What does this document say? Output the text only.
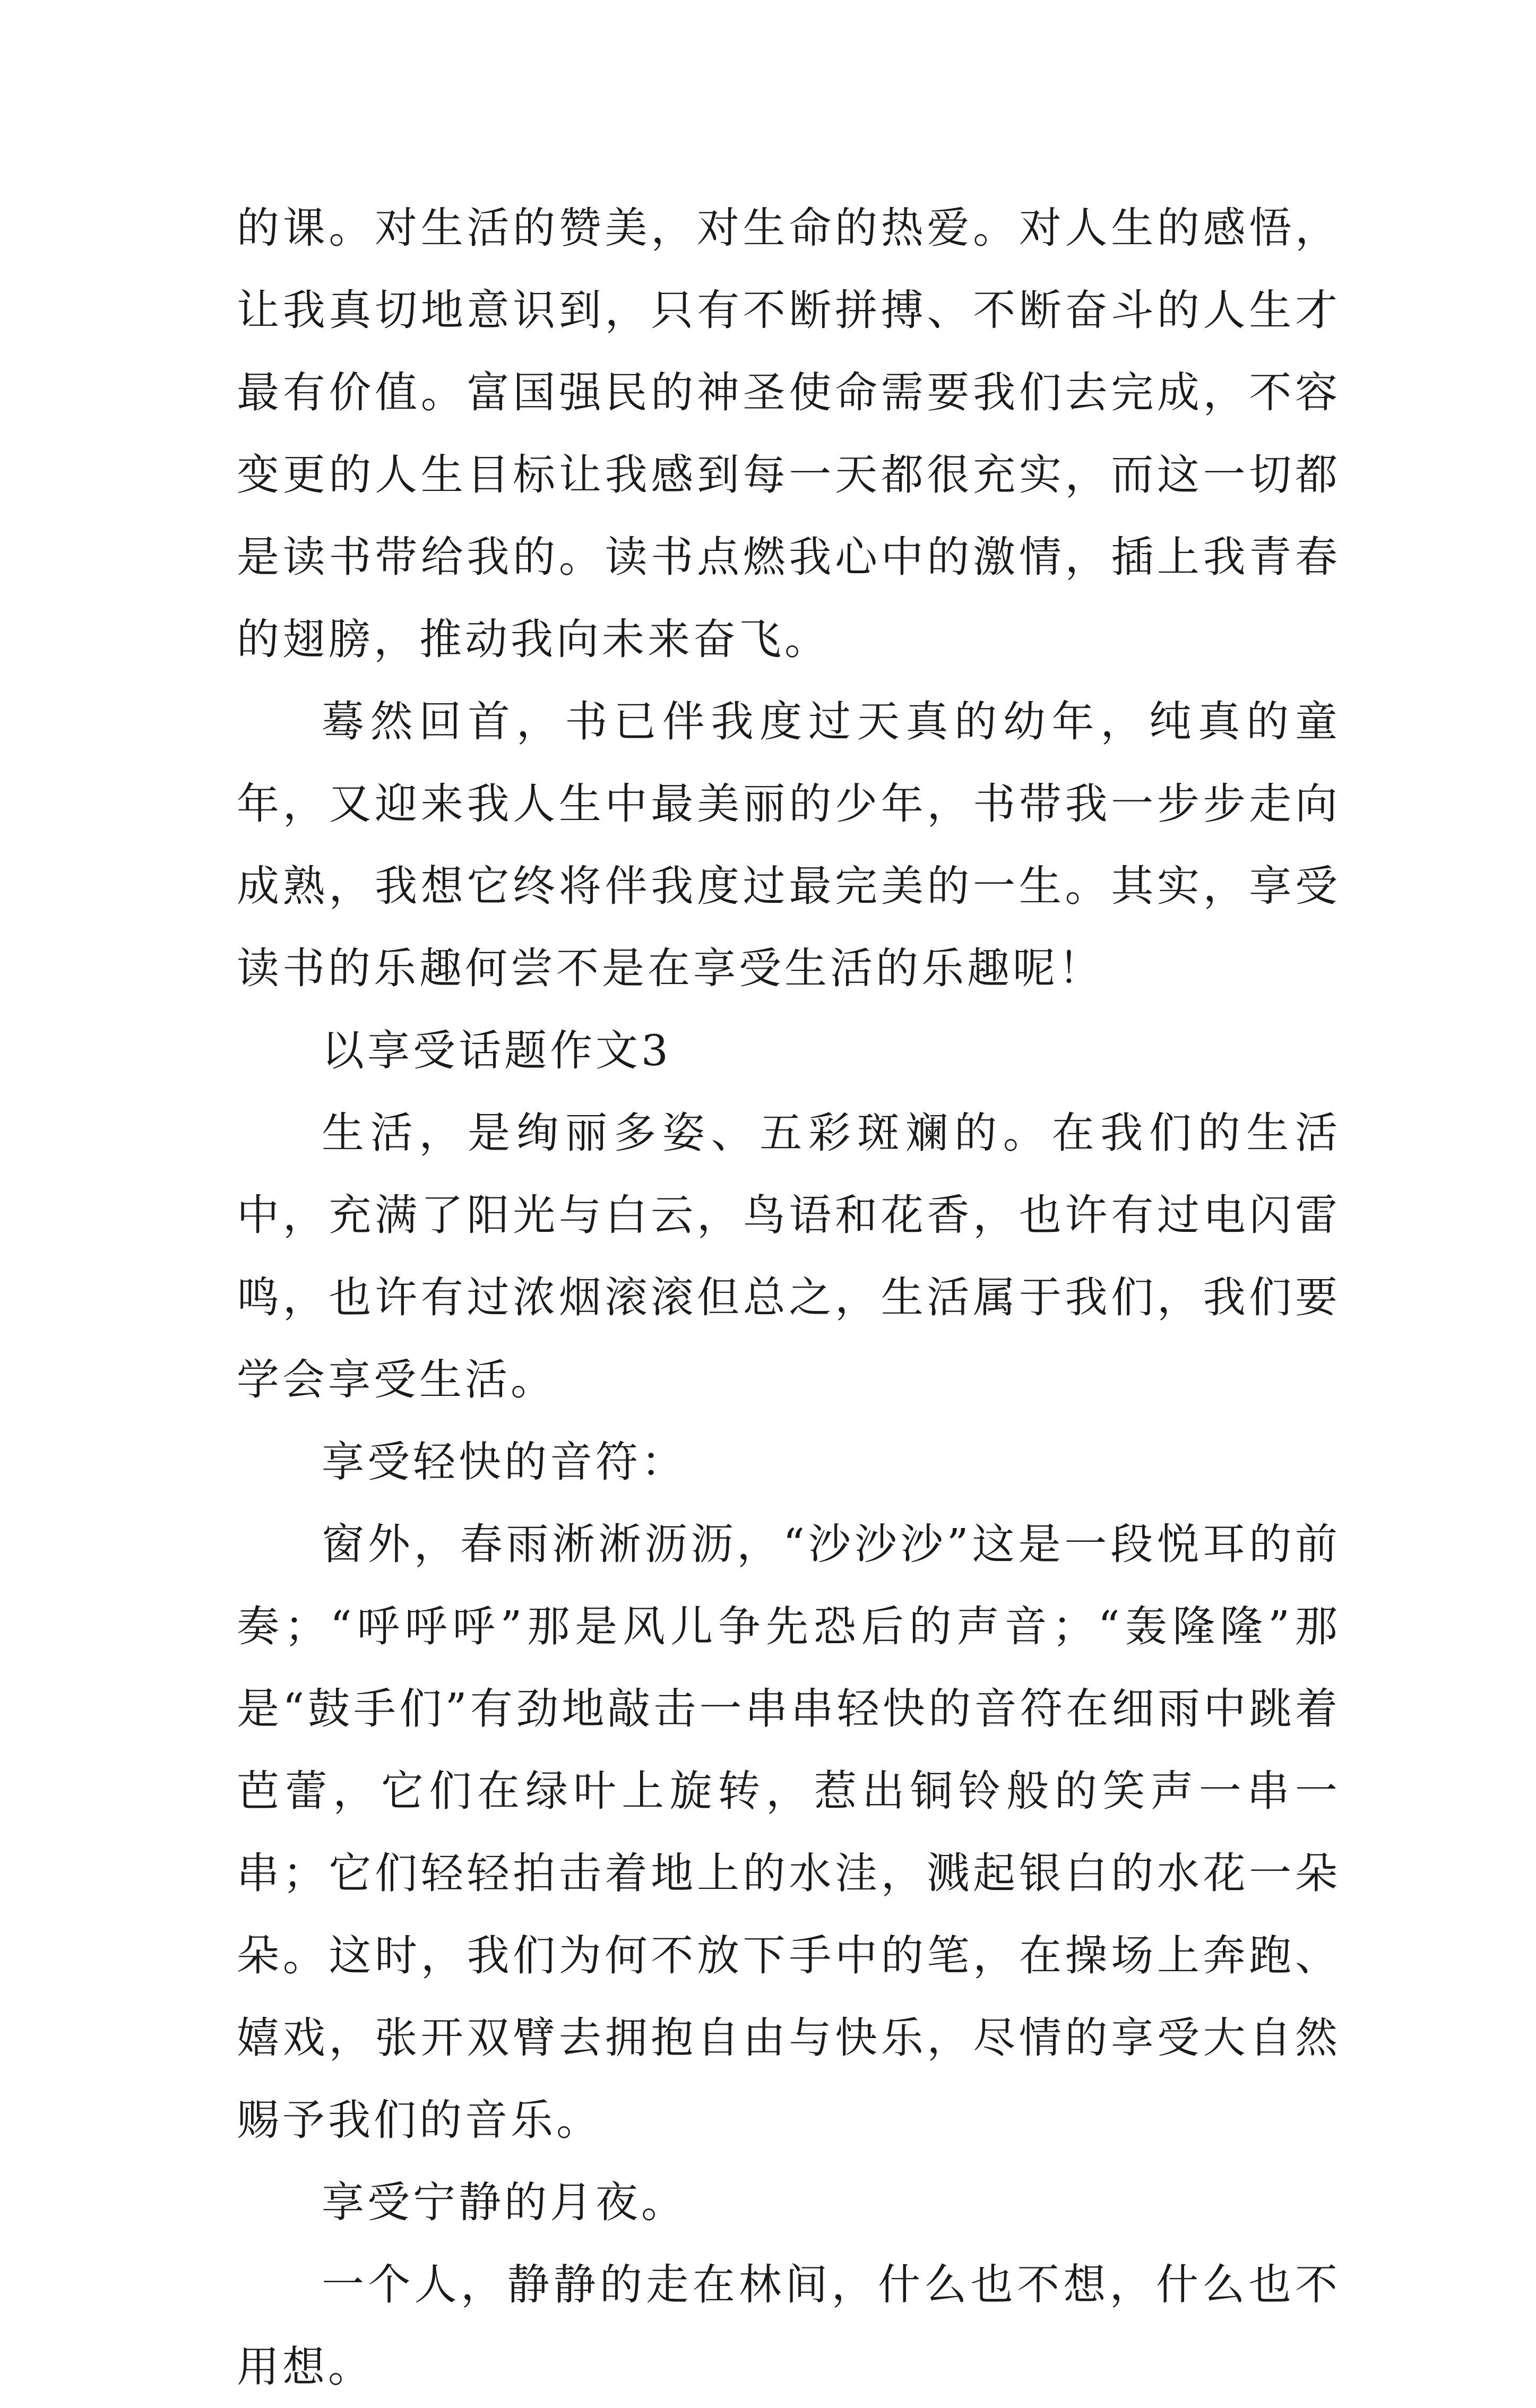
的课。对生活的赞美，对生命的热爱。对人生的感悟，让我真切地意识到，只有不断拼搏、不断奋斗的人生才最有价值。富国强民的神圣使命需要我们去完成，不容变更的人生目标让我感到每一天都很充实，而这一切都是读书带给我的。读书点燃我心中的激情，插上我青春的翅膀，推动我向未来奋飞。

蓦然回首，书已伴我度过天真的幼年，纯真的童年，又迎来我人生中最美丽的少年，书带我一步步走向成熟，我想它终将伴我度过最完美的一生。其实，享受读书的乐趣何尝不是在享受生活的乐趣呢！

以享受话题作文3

生活，是绚丽多姿、五彩斑斓的。在我们的生活中，充满了阳光与白云，鸟语和花香，也许有过电闪雷鸣，也许有过浓烟滚滚但总之，生活属于我们，我们要学会享受生活。

享受轻快的音符：

窗外，春雨淅淅沥沥，“沙沙沙”这是一段悦耳的前奏；“呼呼呼”那是风儿争先恐后的声音；“轰隆隆”那是“鼓手们”有劲地敲击一串串轻快的音符在细雨中跳着芭蕾，它们在绿叶上旋转，惹出铜铃般的笑声一串一串；它们轻轻拍击着地上的水洼，溅起银白的水花一朵朵。这时，我们为何不放下手中的笔，在操场上奔跑、嬉戏，张开双臂去拥抱自由与快乐，尽情的享受大自然赐予我们的音乐。

享受宁静的月夜。

一个人，静静的走在林间，什么也不想，什么也不用想。
